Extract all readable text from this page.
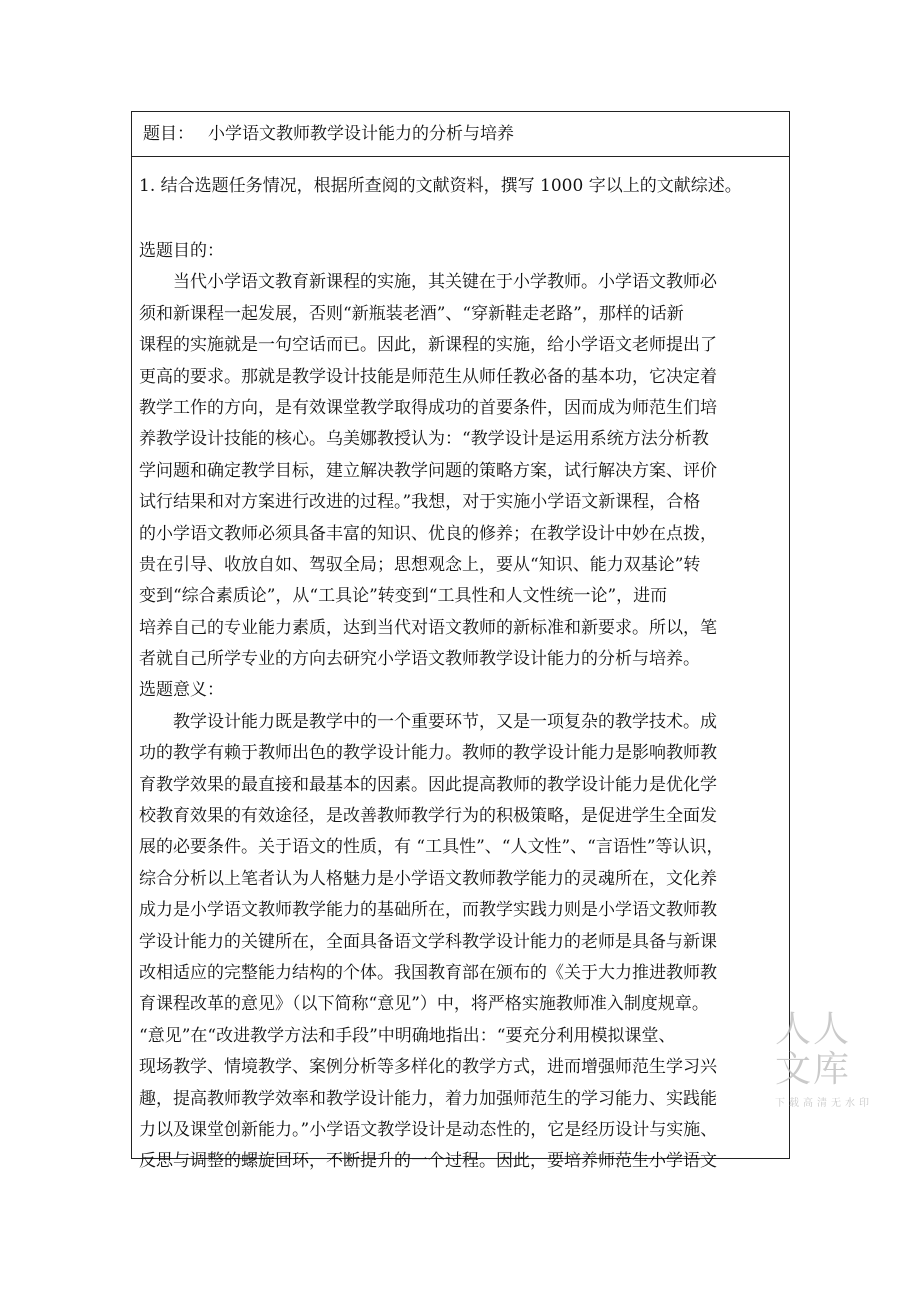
题目： 小学语文教师教学设计能力的分析与培养
1. 结合选题任务情况，根据所查阅的文献资料，撰写 1000 字以上的文献综述。
选题目的：
当代小学语文教育新课程的实施，其关键在于小学教师。小学语文教师必
须和新课程一起发展，否则“新瓶装老酒”、“穿新鞋走老路”，那样的话新
课程的实施就是一句空话而已。因此，新课程的实施，给小学语文老师提出了
更高的要求。那就是教学设计技能是师范生从师任教必备的基本功，它决定着
教学工作的方向，是有效课堂教学取得成功的首要条件，因而成为师范生们培
养教学设计技能的核心。乌美娜教授认为：“教学设计是运用系统方法分析教
学问题和确定教学目标，建立解决教学问题的策略方案，试行解决方案、评价
试行结果和对方案进行改进的过程。”我想，对于实施小学语文新课程，合格
的小学语文教师必须具备丰富的知识、优良的修养；在教学设计中妙在点拨，
贵在引导、收放自如、驾驭全局；思想观念上，要从“知识、能力双基论”转
变到“综合素质论”，从“工具论”转变到“工具性和人文性统一论”，进而
培养自己的专业能力素质，达到当代对语文教师的新标准和新要求。所以，笔
者就自己所学专业的方向去研究小学语文教师教学设计能力的分析与培养。
选题意义：
教学设计能力既是教学中的一个重要环节，又是一项复杂的教学技术。成
功的教学有赖于教师出色的教学设计能力。教师的教学设计能力是影响教师教
育教学效果的最直接和最基本的因素。因此提高教师的教学设计能力是优化学
校教育效果的有效途径，是改善教师教学行为的积极策略，是促进学生全面发
展的必要条件。关于语文的性质，有 “工具性”、“人文性”、“言语性”等认识，
综合分析以上笔者认为人格魅力是小学语文教师教学能力的灵魂所在，文化养
成力是小学语文教师教学能力的基础所在，而教学实践力则是小学语文教师教
学设计能力的关键所在，全面具备语文学科教学设计能力的老师是具备与新课
改相适应的完整能力结构的个体。我国教育部在颁布的《关于大力推进教师教
育课程改革的意见》（以下简称“意见”）中，将严格实施教师准入制度规章。
“意见”在“改进教学方法和手段”中明确地指出：“要充分利用模拟课堂、
现场教学、情境教学、案例分析等多样化的教学方式，进而增强师范生学习兴
趣，提高教师教学效率和教学设计能力，着力加强师范生的学习能力、实践能
力以及课堂创新能力。”小学语文教学设计是动态性的，它是经历设计与实施、
反思与调整的螺旋回环，不断提升的一个过程。因此，要培养师范生小学语文
人人文库
下载高清无水印
